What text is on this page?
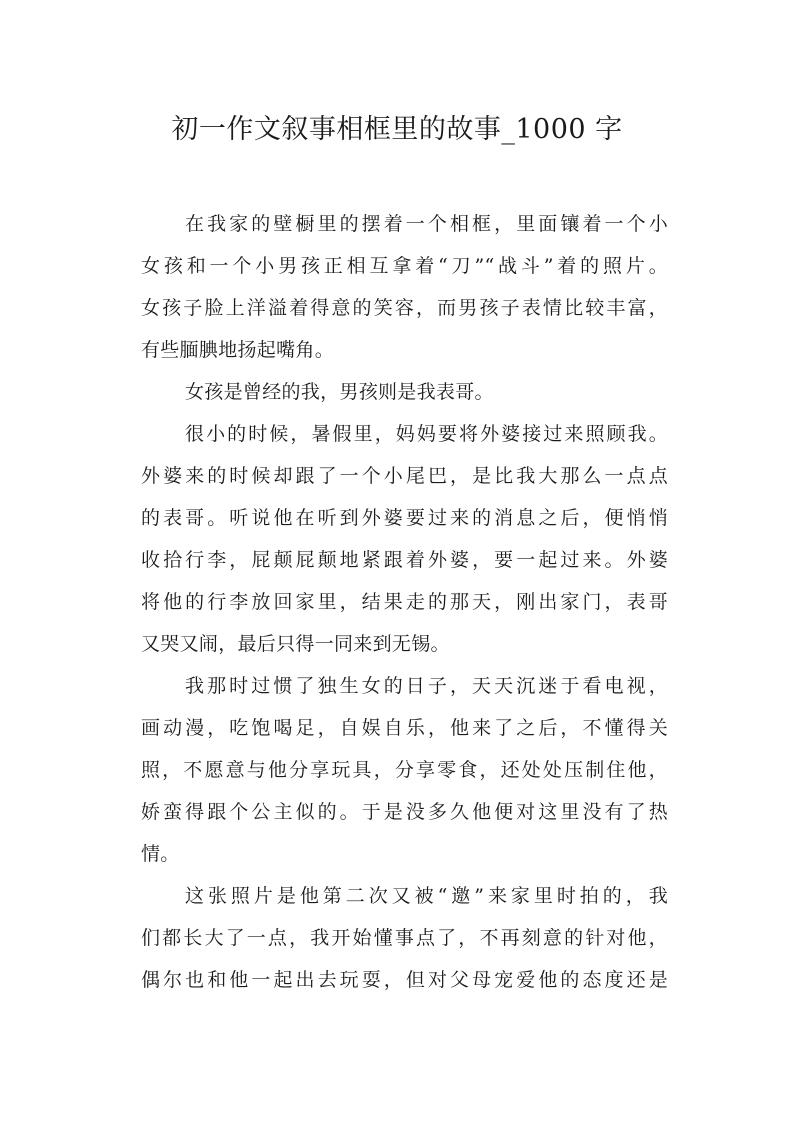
初一作文叙事相框里的故事_1000 字
在我家的壁橱里的摆着一个相框，里面镶着一个小
女孩和一个小男孩正相互拿着“刀”“战斗”着的照片。
女孩子脸上洋溢着得意的笑容，而男孩子表情比较丰富，
有些腼腆地扬起嘴角。
女孩是曾经的我，男孩则是我表哥。
很小的时候，暑假里，妈妈要将外婆接过来照顾我。
外婆来的时候却跟了一个小尾巴，是比我大那么一点点
的表哥。听说他在听到外婆要过来的消息之后，便悄悄
收拾行李，屁颠屁颠地紧跟着外婆，要一起过来。外婆
将他的行李放回家里，结果走的那天，刚出家门，表哥
又哭又闹，最后只得一同来到无锡。
我那时过惯了独生女的日子，天天沉迷于看电视，
画动漫，吃饱喝足，自娱自乐，他来了之后，不懂得关
照，不愿意与他分享玩具，分享零食，还处处压制住他，
娇蛮得跟个公主似的。于是没多久他便对这里没有了热
情。
这张照片是他第二次又被“邀”来家里时拍的，我
们都长大了一点，我开始懂事点了，不再刻意的针对他，
偶尔也和他一起出去玩耍，但对父母宠爱他的态度还是
